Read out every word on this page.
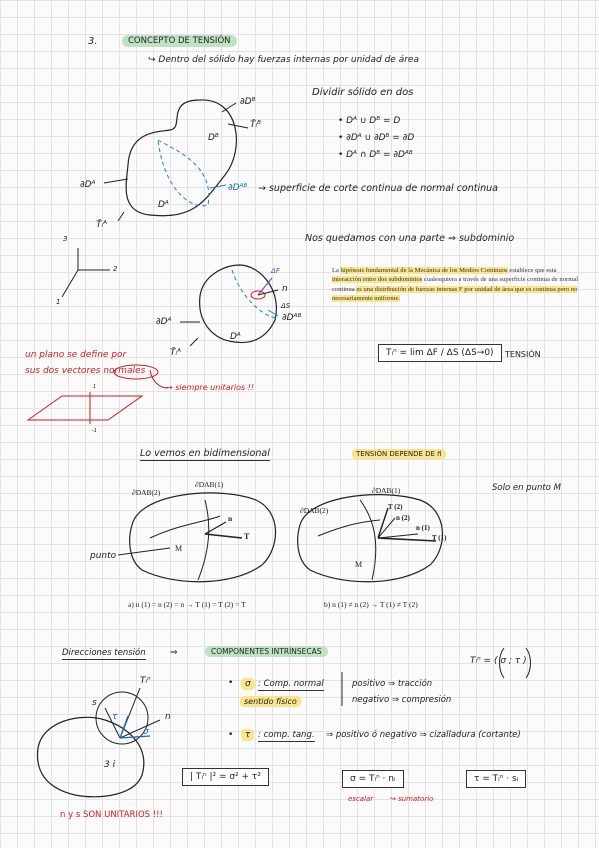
3.	CONCEPTO DE TENSIÓN
↪ Dentro del sólido hay fuerzas internas por unidad de área
Dividir sólido en dos
• Dᴬ ∪ Dᴮ = D
• ∂Dᴬ ∪ ∂Dᴮ = ∂D
• Dᴬ ∩ Dᴮ = ∂Dᴬᴮ
∂Dᴮ
Dᴮ
T̄ᵢᴮ
∂Dᴬ
Dᴬ
T̄ᵢᴬ
∂Dᴬᴮ → superficie de corte continua de normal continua
3
2
1
Nos quedamos con una parte ⇒ subdominio
La hipótesis fundamental de la Mecánica de los Medios Continuos establece que esta interacción entre dos subdominios cualesquiera a través de una superficie continua de normal continua es una distribución de fuerzas internas F por unidad de área que es continua pero no necesariamente uniforme.
ΔF
n
ΔS
∂Dᴬ	∂Dᴬᴮ
Dᴬ
T̄ᵢᴬ	Tᵢⁿ = lim ΔF / ΔS (ΔS→0)	TENSIÓN
un plano se define por
sus dos vectores normales
→ siempre unitarios !!
1
-1
Lo vemos en bidimensional	TENSIÓN DEPENDE DE n⃗
Solo en punto M
punto
∂DAB(2)
∂DAB(1)
n
M
T
a) n (1) = n (2) = n → T (1) = T (2) = T
∂DAB(1)
∂DAB(2)	T (2)
n (2)
n (1)
T (1)
M
b) n (1) ≠ n (2) → T (1) ≠ T (2)
Direcciones tensión	⇒	COMPONENTES INTRÍNSECAS
Tᵢⁿ = ( σ ; τ )
•	σ : Comp. normal
sentido físico
positivo ⇒ tracción
negativo ⇒ compresión
•	τ : comp. tang. ⇒ positivo ó negativo ⇒ cizalladura (cortante)
s
Tᵢⁿ
n
τ
σ
3 i
| Tᵢⁿ |² = σ² + τ²	σ = Tᵢⁿ · nᵢ	τ = Tᵢⁿ · sᵢ
escalar ↪ sumatorio
n y s SON UNITARIOS !!!
